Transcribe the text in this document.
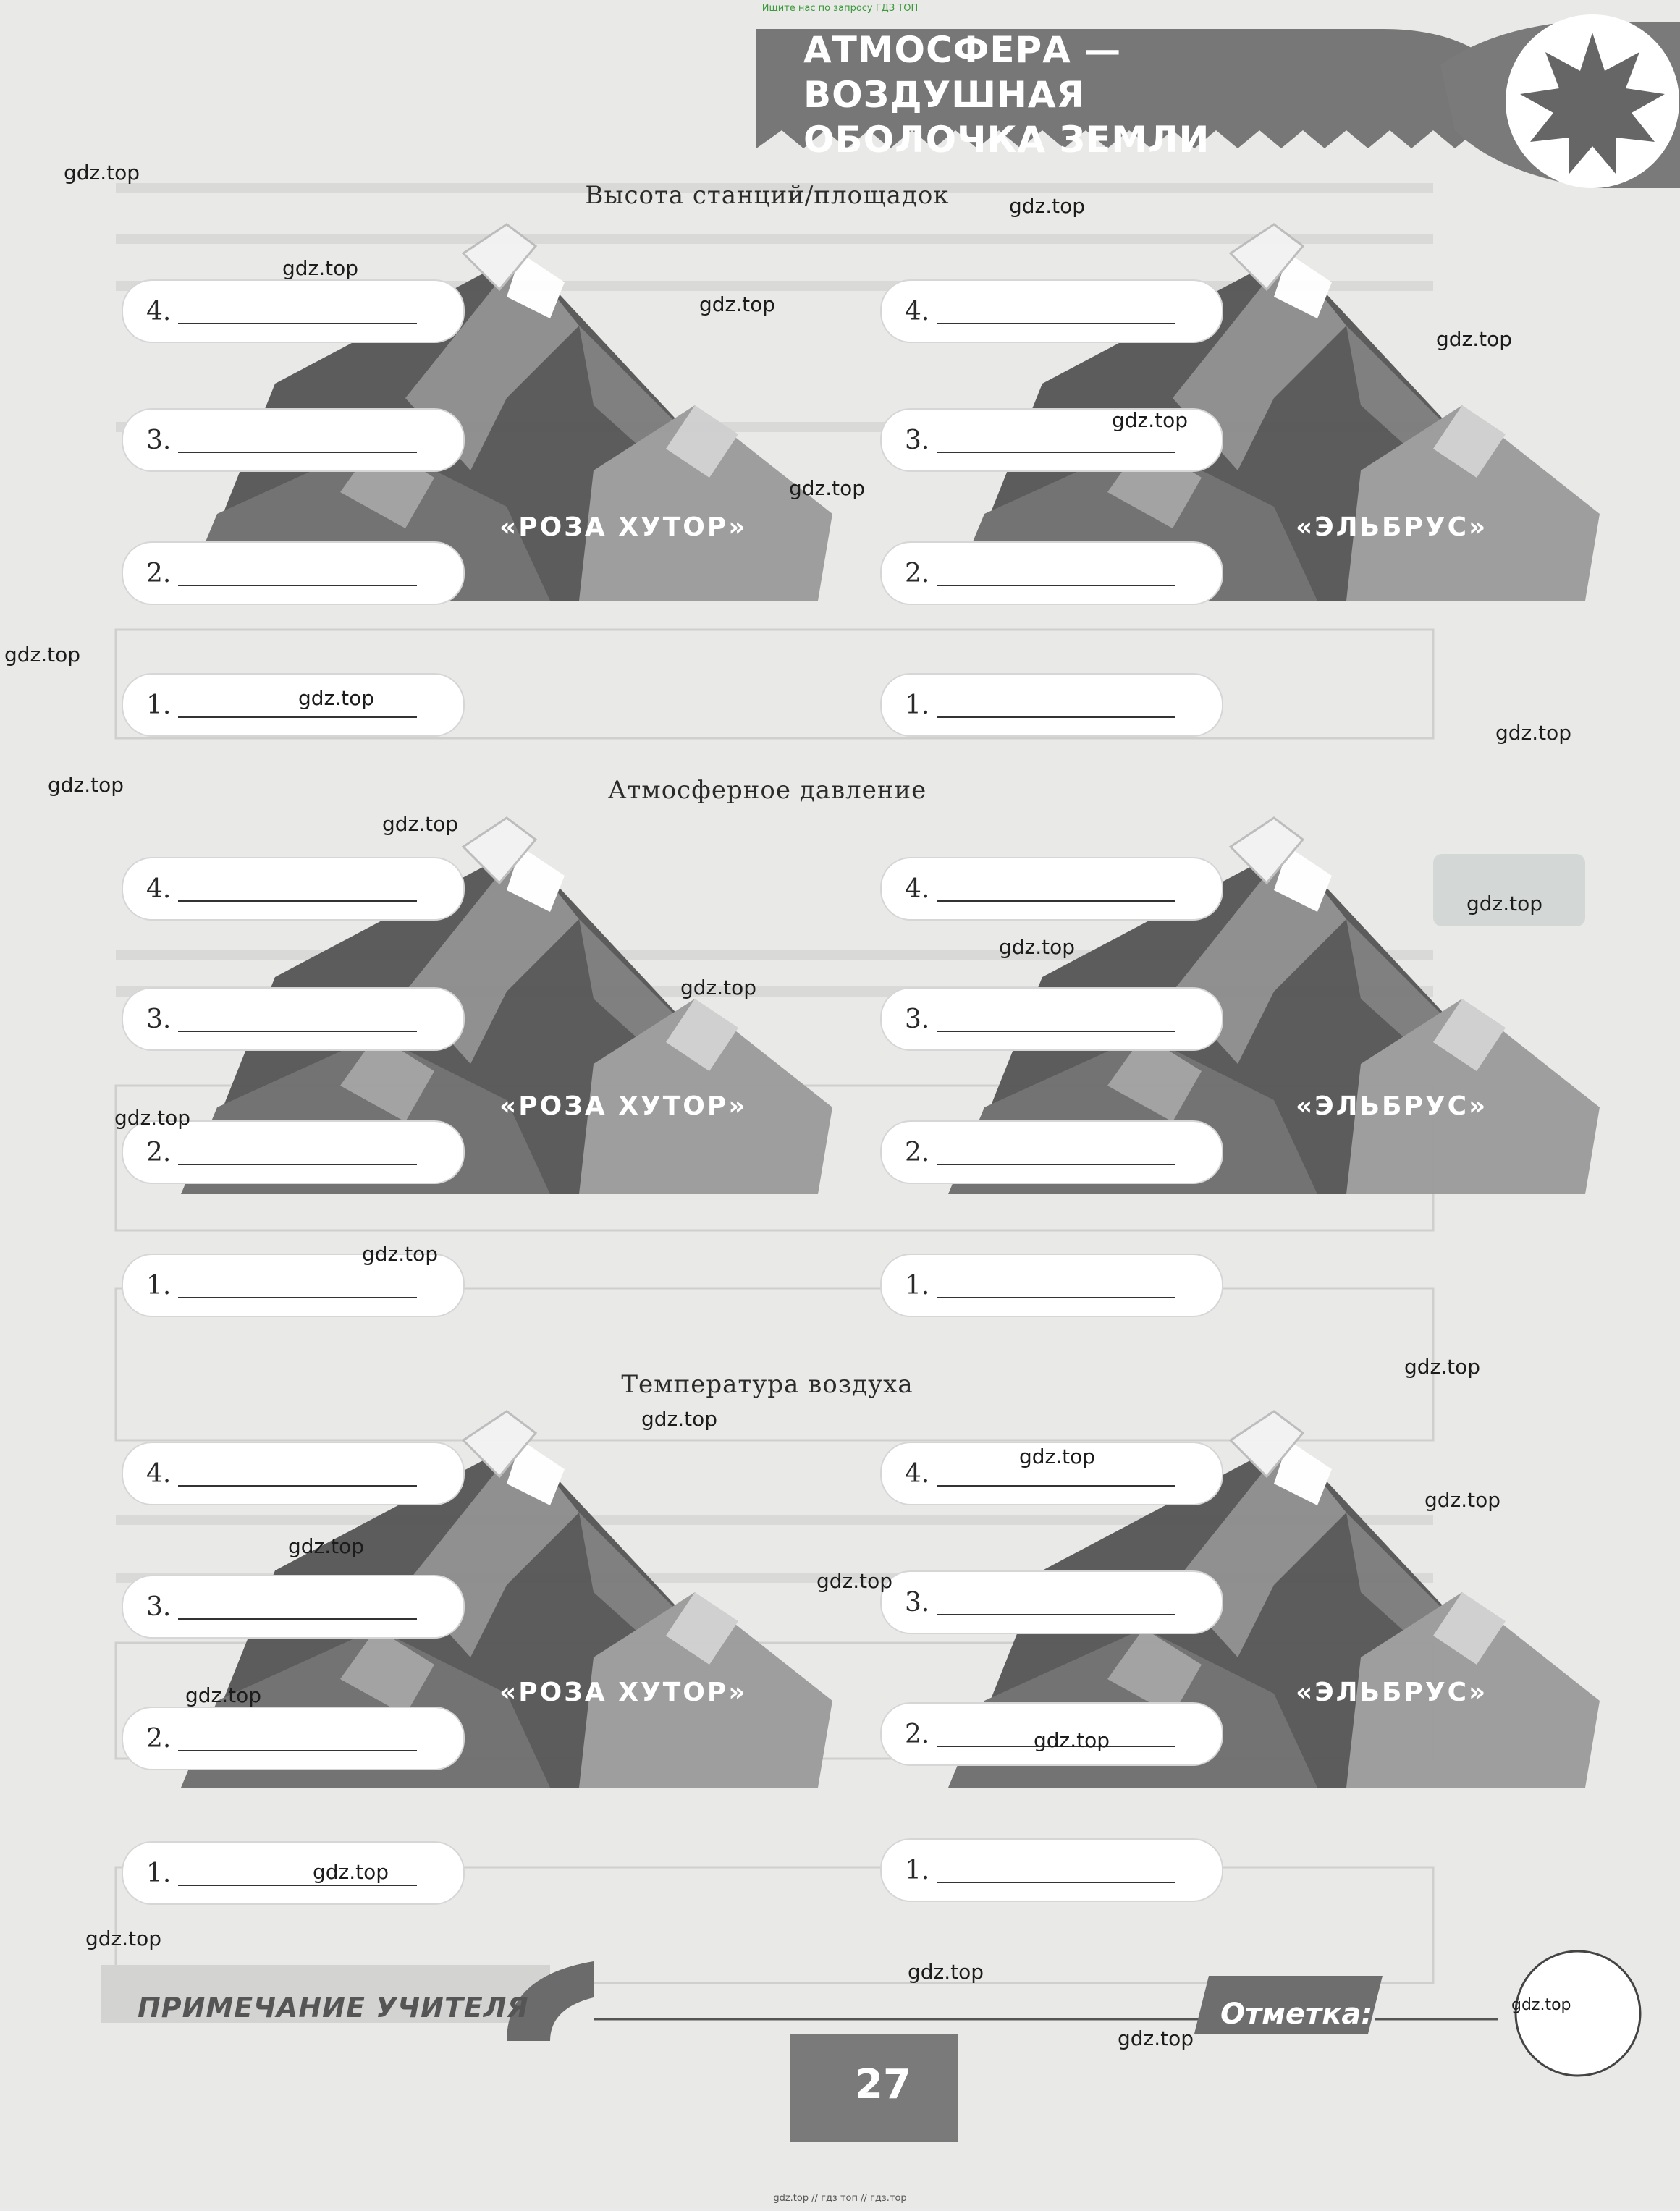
Ищите нас по запросу ГДЗ ТОП
АТМОСФЕРА — ВОЗДУШНАЯ
ОБОЛОЧКА ЗЕМЛИ
Высота станций/площадок
Атмосферное давление
Температура воздуха
«РОЗА ХУТОР»	«ЭЛЬБРУС»
«РОЗА ХУТОР»	«ЭЛЬБРУС»
«РОЗА ХУТОР»	«ЭЛЬБРУС»
4.	4.
3.	3.
2.	2.
1.	1.
4.	4.
3.	3.
2.	2.
1.	1.
4.	4.
3.	3.
2.	2.
1.	1.
ПРИМЕЧАНИЕ УЧИТЕЛЯ	Отметка:
27
gdz.top
gdz.top
gdz.top
gdz.top
gdz.top
gdz.top
gdz.top
gdz.top
gdz.top
gdz.top
gdz.top
gdz.top
gdz.top
gdz.top
gdz.top
gdz.top
gdz.top
gdz.top
gdz.top
gdz.top
gdz.top
gdz.top
gdz.top
gdz.top
gdz.top
gdz.top
gdz.top
gdz.top
gdz.top
gdz.top
gdz.top // гдз топ // гдз.тор
